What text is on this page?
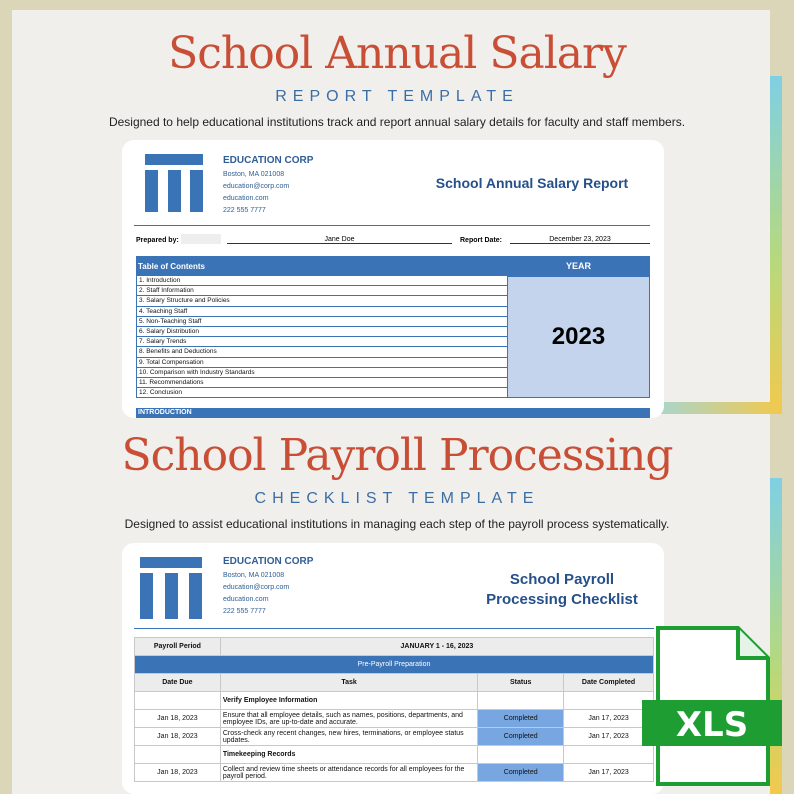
School Annual Salary
REPORT TEMPLATE
Designed to help educational institutions track and report annual salary details for faculty and staff members.
EDUCATION CORP
Boston, MA 021008
education@corp.com
education.com
222 555 7777
School Annual Salary Report
Prepared by:	Jane Doe	Report Date:	December 23, 2023
Table of Contents	YEAR
1. Introduction
2. Staff Information
3. Salary Structure and Policies
4. Teaching Staff
5. Non-Teaching Staff
6. Salary Distribution
7. Salary Trends
8. Benefits and Deductions
9. Total Compensation
10. Comparison with Industry Standards
11. Recommendations
12. Conclusion
2023
INTRODUCTION
School Payroll Processing
CHECKLIST TEMPLATE
Designed to assist educational institutions in managing each step of the payroll process systematically.
EDUCATION CORP
Boston, MA 021008
education@corp.com
education.com
222 555 7777
School Payroll
Processing Checklist
Payroll Period	JANUARY 1 - 16, 2023		
Pre-Payroll Preparation			
Date Due	Task	Status	Date Completed
	Verify Employee Information		
Jan 18, 2023	Ensure that all employee details, such as names, positions, departments, and employee IDs, are up-to-date and accurate.	Completed	Jan 17, 2023
Jan 18, 2023	Cross-check any recent changes, new hires, terminations, or employee status updates.	Completed	Jan 17, 2023
	Timekeeping Records		
Jan 18, 2023	Collect and review time sheets or attendance records for all employees for the payroll period.	Completed	Jan 17, 2023
XLS
